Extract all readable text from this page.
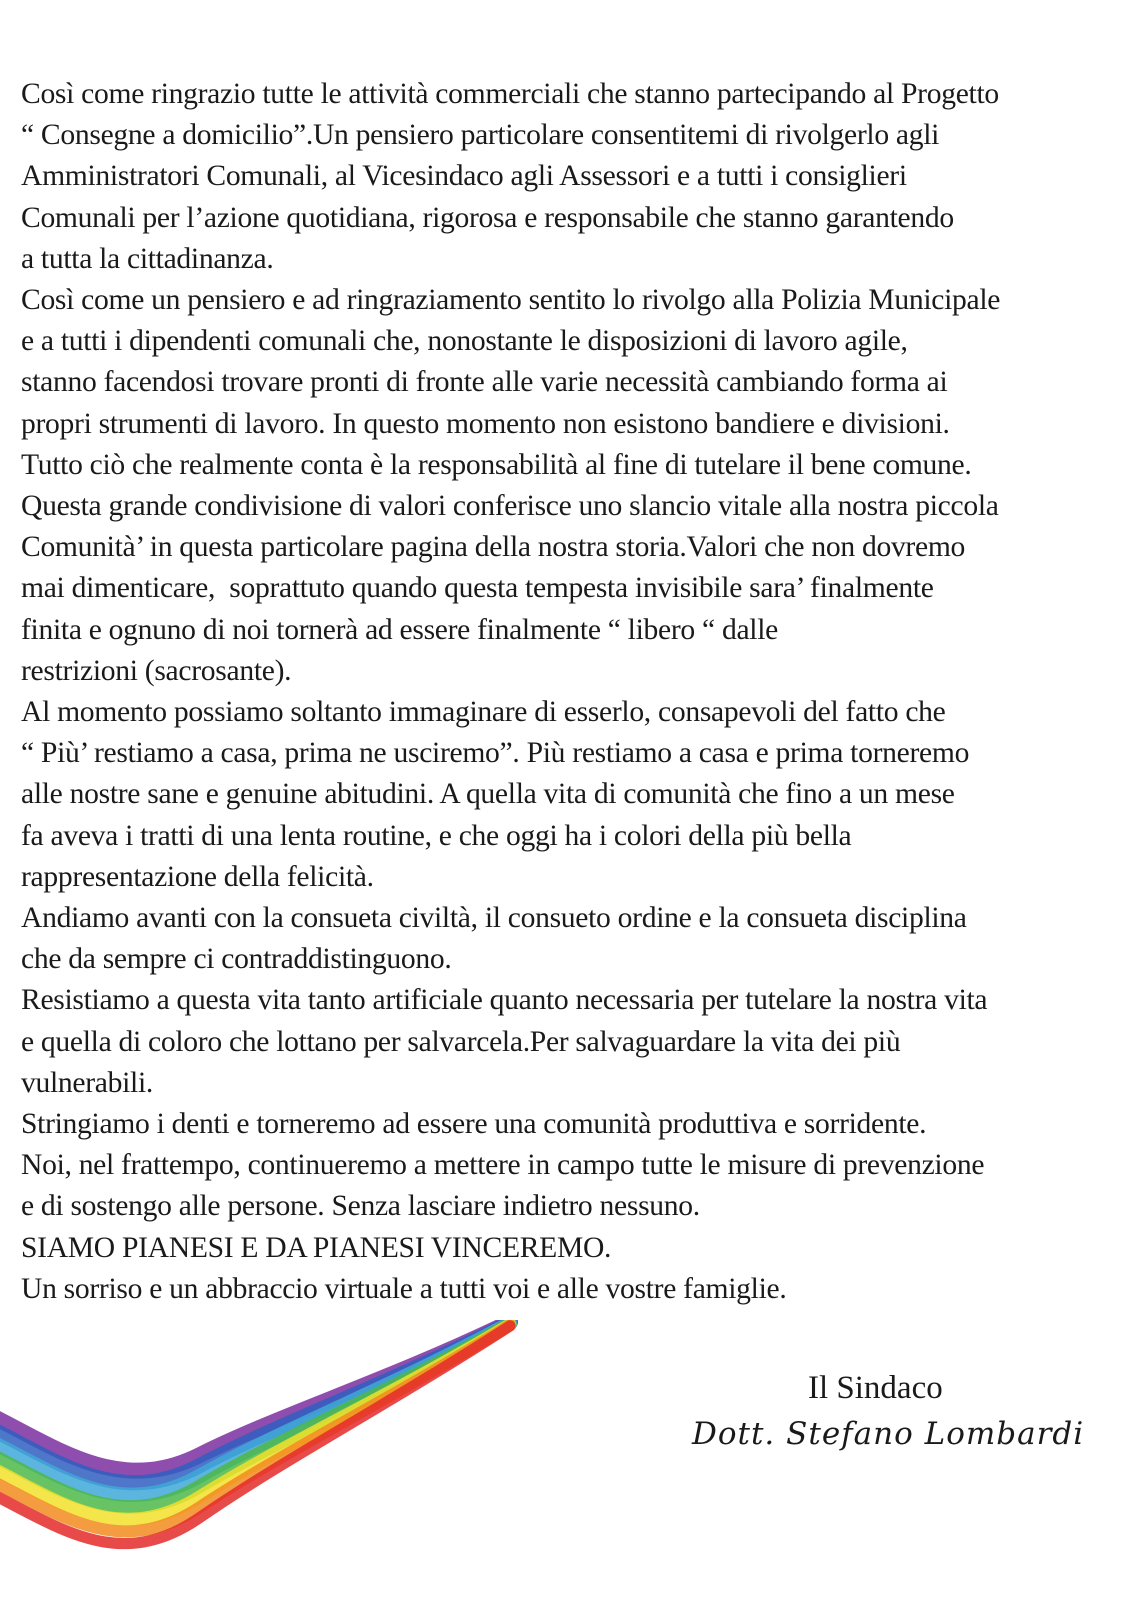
Così come ringrazio tutte le attività commerciali che stanno partecipando al Progetto
“ Consegne a domicilio”.Un pensiero particolare consentitemi di rivolgerlo agli
Amministratori Comunali, al Vicesindaco agli Assessori e a tutti i consiglieri
Comunali per l’azione quotidiana, rigorosa e responsabile che stanno garantendo
a tutta la cittadinanza.
Così come un pensiero e ad ringraziamento sentito lo rivolgo alla Polizia Municipale
e a tutti i dipendenti comunali che, nonostante le disposizioni di lavoro agile,
stanno facendosi trovare pronti di fronte alle varie necessità cambiando forma ai
propri strumenti di lavoro. In questo momento non esistono bandiere e divisioni.
Tutto ciò che realmente conta è la responsabilità al fine di tutelare il bene comune.
Questa grande condivisione di valori conferisce uno slancio vitale alla nostra piccola
Comunità’ in questa particolare pagina della nostra storia.Valori che non dovremo
mai dimenticare,  soprattuto quando questa tempesta invisibile sara’ finalmente
finita e ognuno di noi tornerà ad essere finalmente “ libero “ dalle
restrizioni (sacrosante).
Al momento possiamo soltanto immaginare di esserlo, consapevoli del fatto che
“ Più’ restiamo a casa, prima ne usciremo”. Più restiamo a casa e prima torneremo
alle nostre sane e genuine abitudini. A quella vita di comunità che fino a un mese
fa aveva i tratti di una lenta routine, e che oggi ha i colori della più bella
rappresentazione della felicità.
Andiamo avanti con la consueta civiltà, il consueto ordine e la consueta disciplina
che da sempre ci contraddistinguono.
Resistiamo a questa vita tanto artificiale quanto necessaria per tutelare la nostra vita
e quella di coloro che lottano per salvarcela.Per salvaguardare la vita dei più
vulnerabili.
Stringiamo i denti e torneremo ad essere una comunità produttiva e sorridente.
Noi, nel frattempo, continueremo a mettere in campo tutte le misure di prevenzione
e di sostengo alle persone. Senza lasciare indietro nessuno.
SIAMO PIANESI E DA PIANESI VINCEREMO.
Un sorriso e un abbraccio virtuale a tutti voi e alle vostre famiglie.

Il Sindaco
Dott. Stefano Lombardi
